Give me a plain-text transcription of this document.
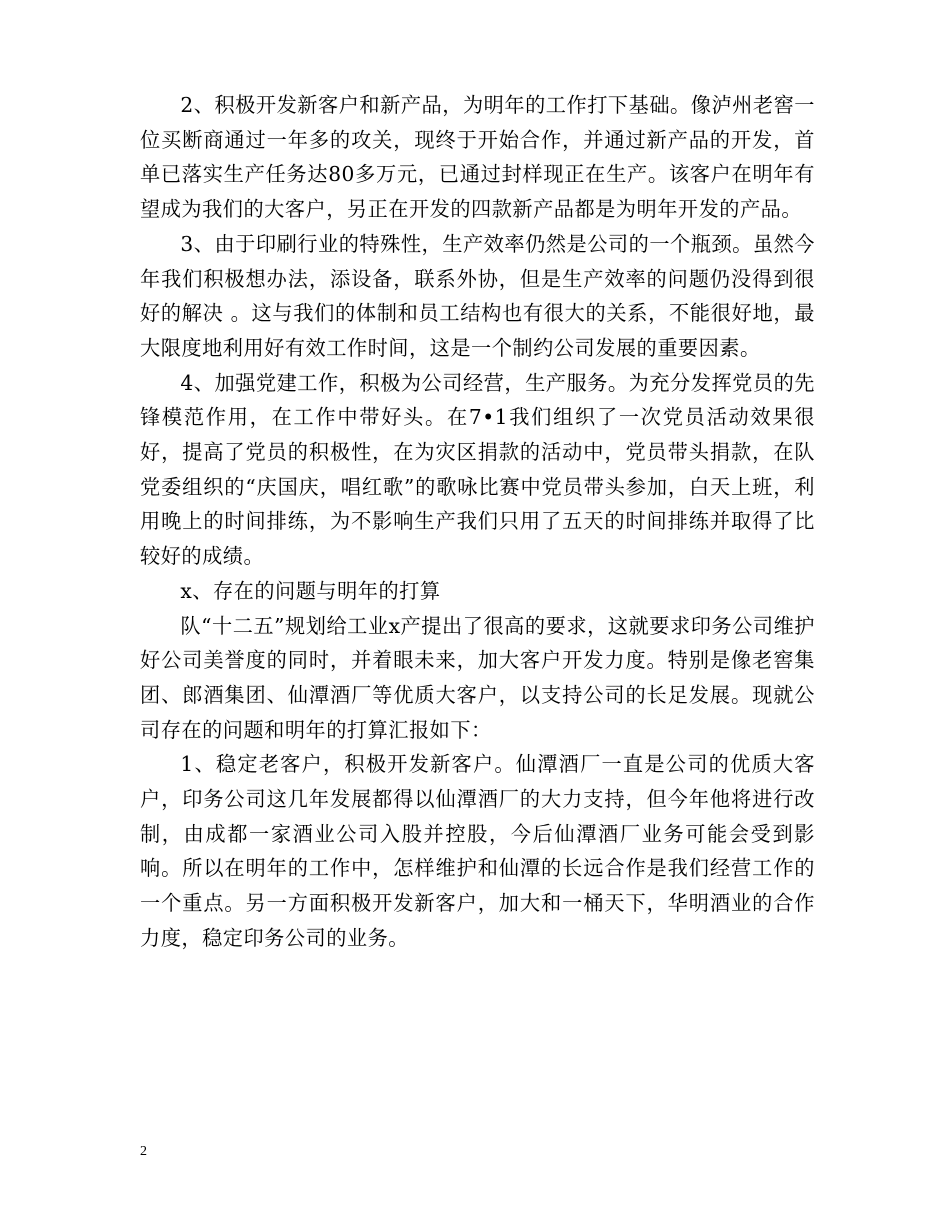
2、积极开发新客户和新产品，为明年的工作打下基础。像泸州老窖一位买断商通过一年多的攻关，现终于开始合作，并通过新产品的开发，首单已落实生产任务达80多万元，已通过封样现正在生产。该客户在明年有望成为我们的大客户，另正在开发的四款新产品都是为明年开发的产品。

3、由于印刷行业的特殊性，生产效率仍然是公司的一个瓶颈。虽然今年我们积极想办法，添设备，联系外协，但是生产效率的问题仍没得到很好的解决 。这与我们的体制和员工结构也有很大的关系，不能很好地，最大限度地利用好有效工作时间，这是一个制约公司发展的重要因素。

4、加强党建工作，积极为公司经营，生产服务。为充分发挥党员的先锋模范作用，在工作中带好头。在7•1我们组织了一次党员活动效果很好，提高了党员的积极性，在为灾区捐款的活动中，党员带头捐款，在队党委组织的“庆国庆，唱红歌”的歌咏比赛中党员带头参加，白天上班，利用晚上的时间排练，为不影响生产我们只用了五天的时间排练并取得了比较好的成绩。

x、存在的问题与明年的打算

队“十二五”规划给工业x产提出了很高的要求，这就要求印务公司维护好公司美誉度的同时，并着眼未来，加大客户开发力度。特别是像老窖集团、郎酒集团、仙潭酒厂等优质大客户，以支持公司的长足发展。现就公司存在的问题和明年的打算汇报如下：

1、稳定老客户，积极开发新客户。仙潭酒厂一直是公司的优质大客户，印务公司这几年发展都得以仙潭酒厂的大力支持，但今年他将进行改制，由成都一家酒业公司入股并控股，今后仙潭酒厂业务可能会受到影响。所以在明年的工作中，怎样维护和仙潭的长远合作是我们经营工作的一个重点。另一方面积极开发新客户，加大和一桶天下，华明酒业的合作力度，稳定印务公司的业务。

2
